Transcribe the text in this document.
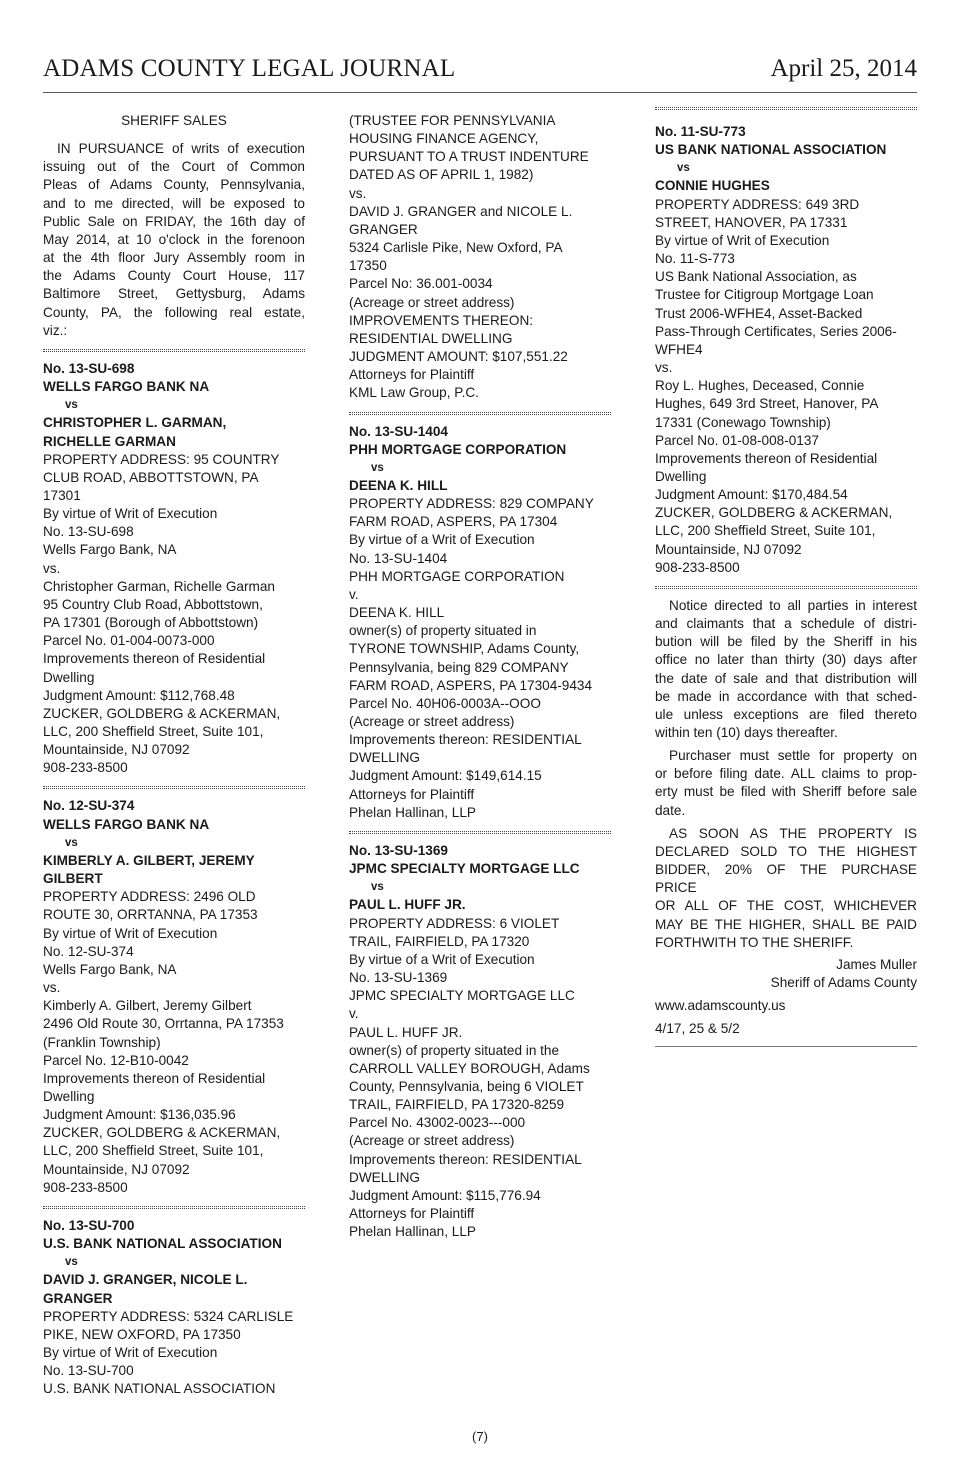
ADAMS COUNTY LEGAL JOURNAL	April 25, 2014
SHERIFF SALES
IN PURSUANCE of writs of execution
issuing out of the Court of Common
Pleas of Adams County, Pennsylvania,
and to me directed, will be exposed to
Public Sale on FRIDAY, the 16th day of
May 2014, at 10 o'clock in the forenoon
at the 4th floor Jury Assembly room in
the Adams County Court House, 117
Baltimore Street, Gettysburg, Adams
County, PA, the following real estate,
viz.:
No. 13-SU-698
WELLS FARGO BANK NA
vs
CHRISTOPHER L. GARMAN,
RICHELLE GARMAN
PROPERTY ADDRESS: 95 COUNTRY
CLUB ROAD, ABBOTTSTOWN, PA
17301
By virtue of Writ of Execution
No. 13-SU-698
Wells Fargo Bank, NA
vs.
Christopher Garman, Richelle Garman
95 Country Club Road, Abbottstown,
PA 17301 (Borough of Abbottstown)
Parcel No. 01-004-0073-000
Improvements thereon of Residential
Dwelling
Judgment Amount: $112,768.48
ZUCKER, GOLDBERG & ACKERMAN,
LLC, 200 Sheffield Street, Suite 101,
Mountainside, NJ 07092
908-233-8500
No. 12-SU-374
WELLS FARGO BANK NA
vs
KIMBERLY A. GILBERT, JEREMY
GILBERT
PROPERTY ADDRESS: 2496 OLD
ROUTE 30, ORRTANNA, PA 17353
By virtue of Writ of Execution
No. 12-SU-374
Wells Fargo Bank, NA
vs.
Kimberly A. Gilbert, Jeremy Gilbert
2496 Old Route 30, Orrtanna, PA 17353
(Franklin Township)
Parcel No. 12-B10-0042
Improvements thereon of Residential
Dwelling
Judgment Amount: $136,035.96
ZUCKER, GOLDBERG & ACKERMAN,
LLC, 200 Sheffield Street, Suite 101,
Mountainside, NJ 07092
908-233-8500
No. 13-SU-700
U.S. BANK NATIONAL ASSOCIATION
vs
DAVID J. GRANGER, NICOLE L.
GRANGER
PROPERTY ADDRESS: 5324 CARLISLE
PIKE, NEW OXFORD, PA 17350
By virtue of Writ of Execution
No. 13-SU-700
U.S. BANK NATIONAL ASSOCIATION
(TRUSTEE FOR PENNSYLVANIA
HOUSING FINANCE AGENCY,
PURSUANT TO A TRUST INDENTURE
DATED AS OF APRIL 1, 1982)
vs.
DAVID J. GRANGER and NICOLE L.
GRANGER
5324 Carlisle Pike, New Oxford, PA
17350
Parcel No: 36.001-0034
(Acreage or street address)
IMPROVEMENTS THEREON:
RESIDENTIAL DWELLING
JUDGMENT AMOUNT: $107,551.22
Attorneys for Plaintiff
KML Law Group, P.C.
No. 13-SU-1404
PHH MORTGAGE CORPORATION
vs
DEENA K. HILL
PROPERTY ADDRESS: 829 COMPANY
FARM ROAD, ASPERS, PA 17304
By virtue of a Writ of Execution
No. 13-SU-1404
PHH MORTGAGE CORPORATION
v.
DEENA K. HILL
owner(s) of property situated in
TYRONE TOWNSHIP, Adams County,
Pennsylvania, being 829 COMPANY
FARM ROAD, ASPERS, PA 17304-9434
Parcel No. 40H06-0003A--OOO
(Acreage or street address)
Improvements thereon: RESIDENTIAL
DWELLING
Judgment Amount: $149,614.15
Attorneys for Plaintiff
Phelan Hallinan, LLP
No. 13-SU-1369
JPMC SPECIALTY MORTGAGE LLC
vs
PAUL L. HUFF JR.
PROPERTY ADDRESS: 6 VIOLET
TRAIL, FAIRFIELD, PA 17320
By virtue of a Writ of Execution
No. 13-SU-1369
JPMC SPECIALTY MORTGAGE LLC
v.
PAUL L. HUFF JR.
owner(s) of property situated in the
CARROLL VALLEY BOROUGH, Adams
County, Pennsylvania, being 6 VIOLET
TRAIL, FAIRFIELD, PA 17320-8259
Parcel No. 43002-0023---000
(Acreage or street address)
Improvements thereon: RESIDENTIAL
DWELLING
Judgment Amount: $115,776.94
Attorneys for Plaintiff
Phelan Hallinan, LLP
No. 11-SU-773
US BANK NATIONAL ASSOCIATION
vs
CONNIE HUGHES
PROPERTY ADDRESS: 649 3RD
STREET, HANOVER, PA 17331
By virtue of Writ of Execution
No. 11-S-773
US Bank National Association, as
Trustee for Citigroup Mortgage Loan
Trust 2006-WFHE4, Asset-Backed
Pass-Through Certificates, Series 2006-
WFHE4
vs.
Roy L. Hughes, Deceased, Connie
Hughes, 649 3rd Street, Hanover, PA
17331 (Conewago Township)
Parcel No. 01-08-008-0137
Improvements thereon of Residential
Dwelling
Judgment Amount: $170,484.54
ZUCKER, GOLDBERG & ACKERMAN,
LLC, 200 Sheffield Street, Suite 101,
Mountainside, NJ 07092
908-233-8500
Notice directed to all parties in interest
and claimants that a schedule of distri-
bution will be filed by the Sheriff in his
office no later than thirty (30) days after
the date of sale and that distribution will
be made in accordance with that sched-
ule unless exceptions are filed thereto
within ten (10) days thereafter.
Purchaser must settle for property on
or before filing date. ALL claims to prop-
erty must be filed with Sheriff before sale
date.
AS SOON AS THE PROPERTY IS
DECLARED SOLD TO THE HIGHEST
BIDDER, 20% OF THE PURCHASE PRICE
OR ALL OF THE COST, WHICHEVER
MAY BE THE HIGHER, SHALL BE PAID
FORTHWITH TO THE SHERIFF.
James Muller
Sheriff of Adams County
www.adamscounty.us
4/17, 25 & 5/2
(7)
